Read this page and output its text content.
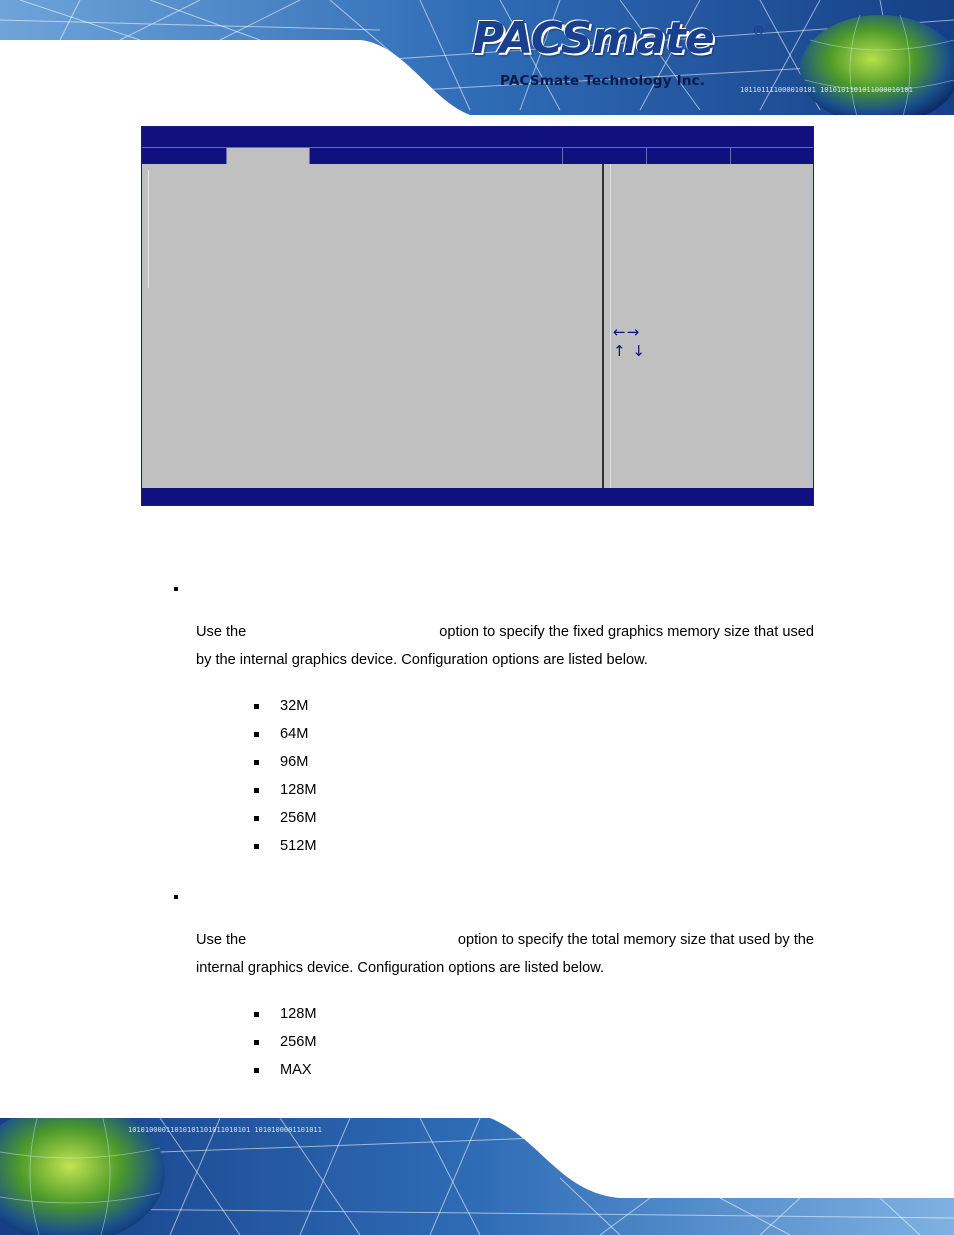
101101111000010101 1010101101011000010101
PACSmate	®
PACSmate Technology Inc.
←→
↑ ↓
Use the	option to specify the fixed graphics memory size that used
by the internal graphics device. Configuration options are listed below.
32M
64M
96M
128M
256M
512M
Use the	option to specify the total memory size that used by the
internal graphics device. Configuration options are listed below.
128M
256M
MAX
10101000011010101101011010101 1010100001101011
